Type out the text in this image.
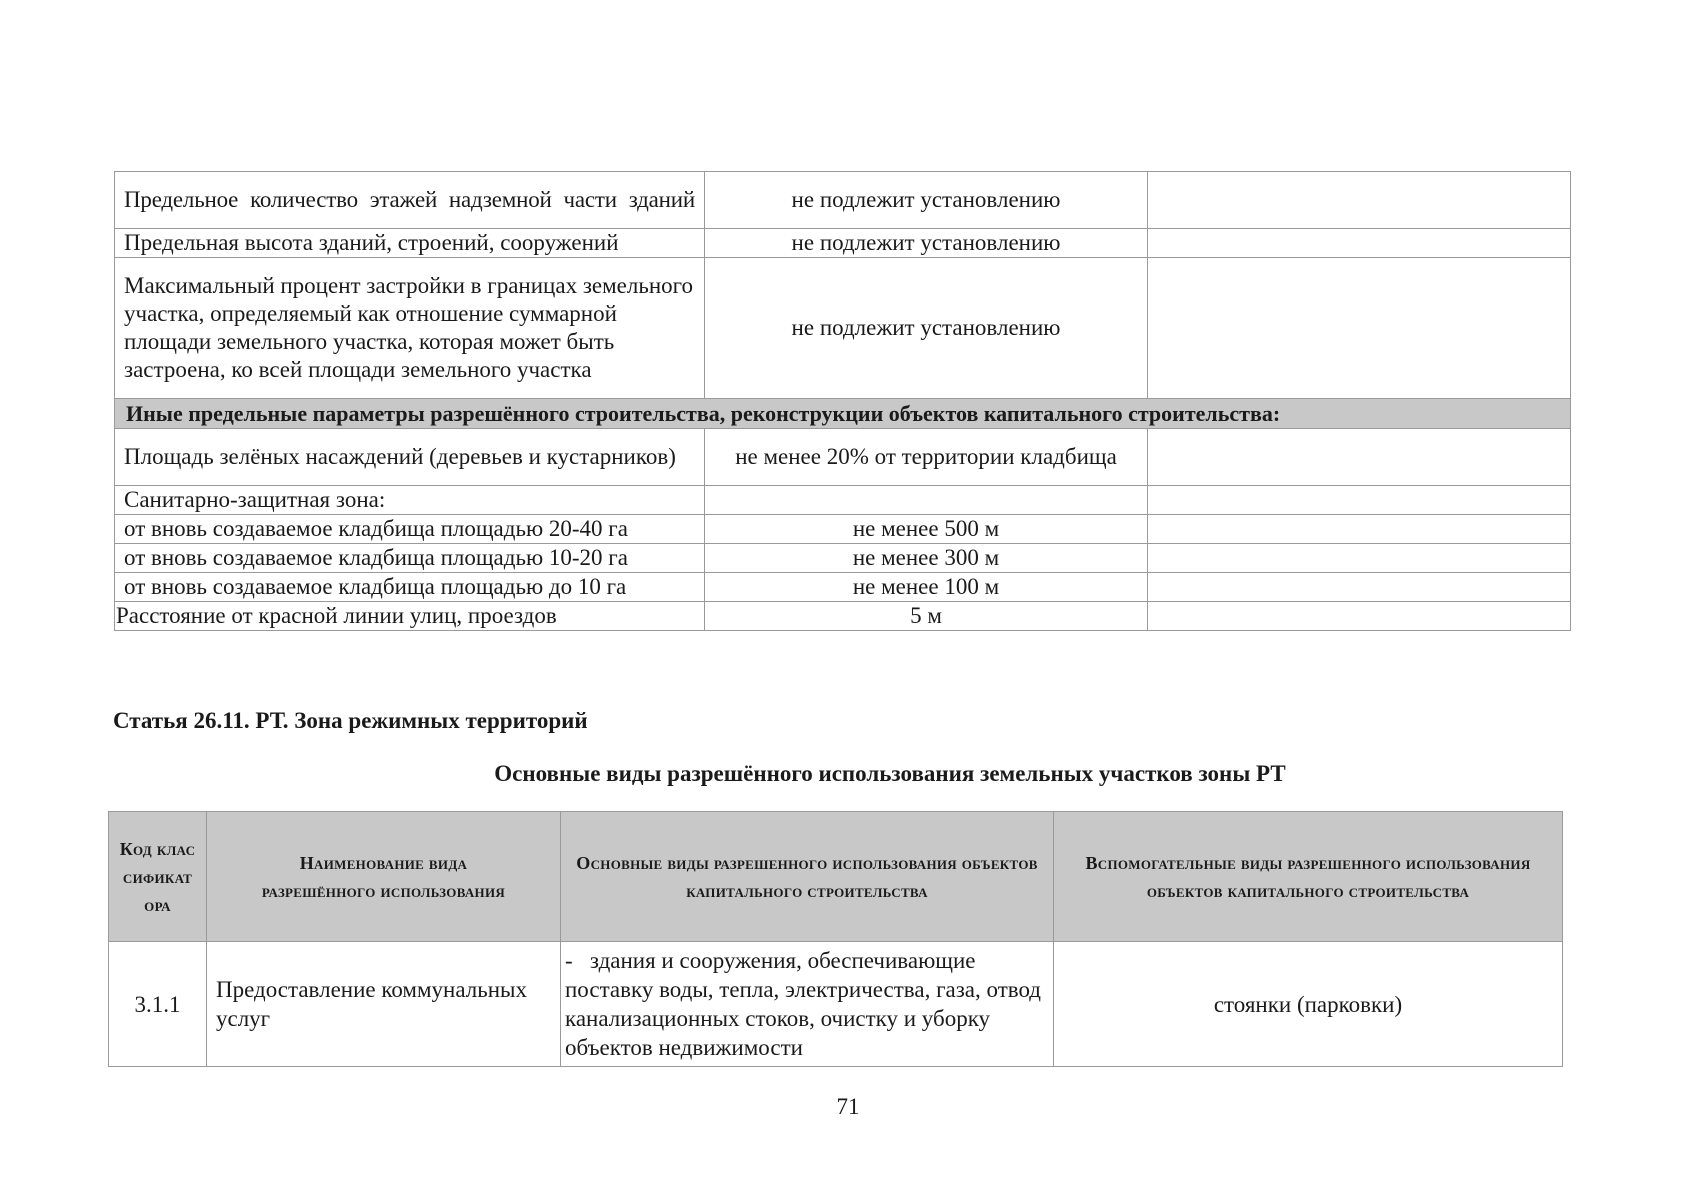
Предельное количество этажей надземной части зданий	не подлежит установлению	
Предельная высота зданий, строений, сооружений	не подлежит установлению	
Максимальный процент застройки в границах земельного участка, определяемый как отношение суммарной площади земельного участка, которая может быть застроена, ко всей площади земельного участка	не подлежит установлению	
Иные предельные параметры разрешённого строительства, реконструкции объектов капитального строительства:		
Площадь зелёных насаждений (деревьев и кустарников)	не менее 20% от территории кладбища	
Санитарно-защитная зона:		
от вновь создаваемое кладбища площадью 20-40 га	не менее 500 м	
от вновь создаваемое кладбища площадью 10-20 га	не менее 300 м	
от вновь создаваемое кладбища площадью до 10 га	не менее 100 м	
Расстояние от красной линии улиц, проездов	5 м	
Статья 26.11. РТ. Зона режимных территорий
Основные виды разрешённого использования земельных участков зоны РТ
Код классификатора	Наименование вида разрешённого использования	Основные виды разрешенного использования объектов капитального строительства	Вспомогательные виды разрешенного использования объектов капитального строительства
3.1.1	Предоставление коммунальных услуг	-   здания и сооружения, обеспечивающие поставку воды, тепла, электричества, газа, отвод канализационных стоков, очистку и уборку объектов недвижимости	стоянки (парковки)
71
